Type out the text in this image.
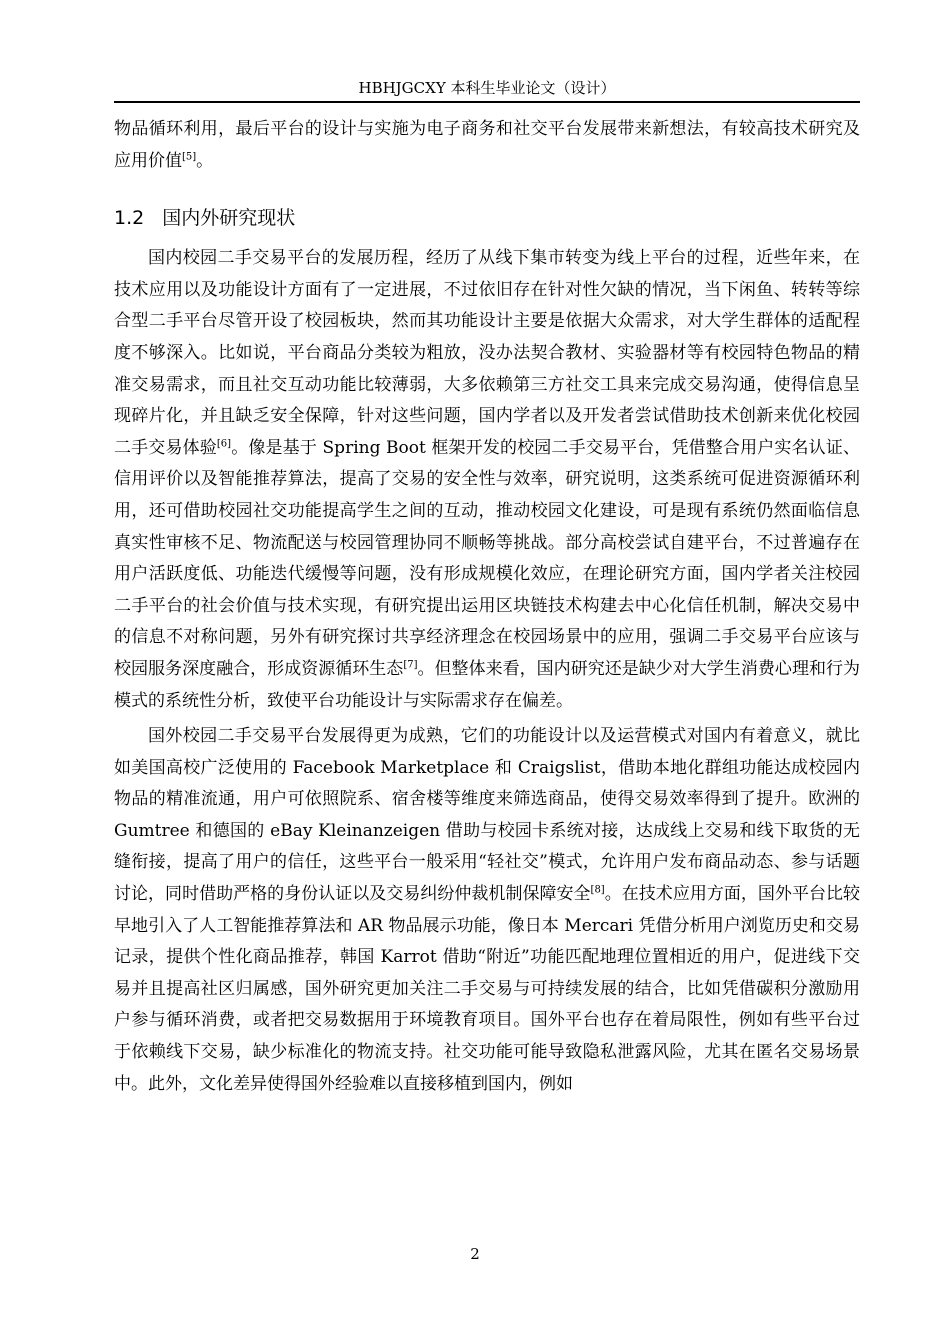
HBHJGCXY 本科生毕业论文（设计）

物品循环利用，最后平台的设计与实施为电子商务和社交平台发展带来新想法，有较高技术研究及应用价值[5]。

1.2 国内外研究现状

国内校园二手交易平台的发展历程，经历了从线下集市转变为线上平台的过程，近些年来，在技术应用以及功能设计方面有了一定进展，不过依旧存在针对性欠缺的情况，当下闲鱼、转转等综合型二手平台尽管开设了校园板块，然而其功能设计主要是依据大众需求，对大学生群体的适配程度不够深入。比如说，平台商品分类较为粗放，没办法契合教材、实验器材等有校园特色物品的精准交易需求，而且社交互动功能比较薄弱，大多依赖第三方社交工具来完成交易沟通，使得信息呈现碎片化，并且缺乏安全保障，针对这些问题，国内学者以及开发者尝试借助技术创新来优化校园二手交易体验[6]。像是基于 Spring Boot 框架开发的校园二手交易平台，凭借整合用户实名认证、信用评价以及智能推荐算法，提高了交易的安全性与效率，研究说明，这类系统可促进资源循环利用，还可借助校园社交功能提高学生之间的互动，推动校园文化建设，可是现有系统仍然面临信息真实性审核不足、物流配送与校园管理协同不顺畅等挑战。部分高校尝试自建平台，不过普遍存在用户活跃度低、功能迭代缓慢等问题，没有形成规模化效应，在理论研究方面，国内学者关注校园二手平台的社会价值与技术实现，有研究提出运用区块链技术构建去中心化信任机制，解决交易中的信息不对称问题，另外有研究探讨共享经济理念在校园场景中的应用，强调二手交易平台应该与校园服务深度融合，形成资源循环生态[7]。但整体来看，国内研究还是缺少对大学生消费心理和行为模式的系统性分析，致使平台功能设计与实际需求存在偏差。

国外校园二手交易平台发展得更为成熟，它们的功能设计以及运营模式对国内有着意义，就比如美国高校广泛使用的 Facebook Marketplace 和 Craigslist，借助本地化群组功能达成校园内物品的精准流通，用户可依照院系、宿舍楼等维度来筛选商品，使得交易效率得到了提升。欧洲的 Gumtree 和德国的 eBay Kleinanzeigen 借助与校园卡系统对接，达成线上交易和线下取货的无缝衔接，提高了用户的信任，这些平台一般采用“轻社交”模式，允许用户发布商品动态、参与话题讨论，同时借助严格的身份认证以及交易纠纷仲裁机制保障安全[8]。在技术应用方面，国外平台比较早地引入了人工智能推荐算法和 AR 物品展示功能，像日本 Mercari 凭借分析用户浏览历史和交易记录，提供个性化商品推荐，韩国 Karrot 借助“附近”功能匹配地理位置相近的用户，促进线下交易并且提高社区归属感，国外研究更加关注二手交易与可持续发展的结合，比如凭借碳积分激励用户参与循环消费，或者把交易数据用于环境教育项目。国外平台也存在着局限性，例如有些平台过于依赖线下交易，缺少标准化的物流支持。社交功能可能导致隐私泄露风险，尤其在匿名交易场景中。此外，文化差异使得国外经验难以直接移植到国内，例如

2
